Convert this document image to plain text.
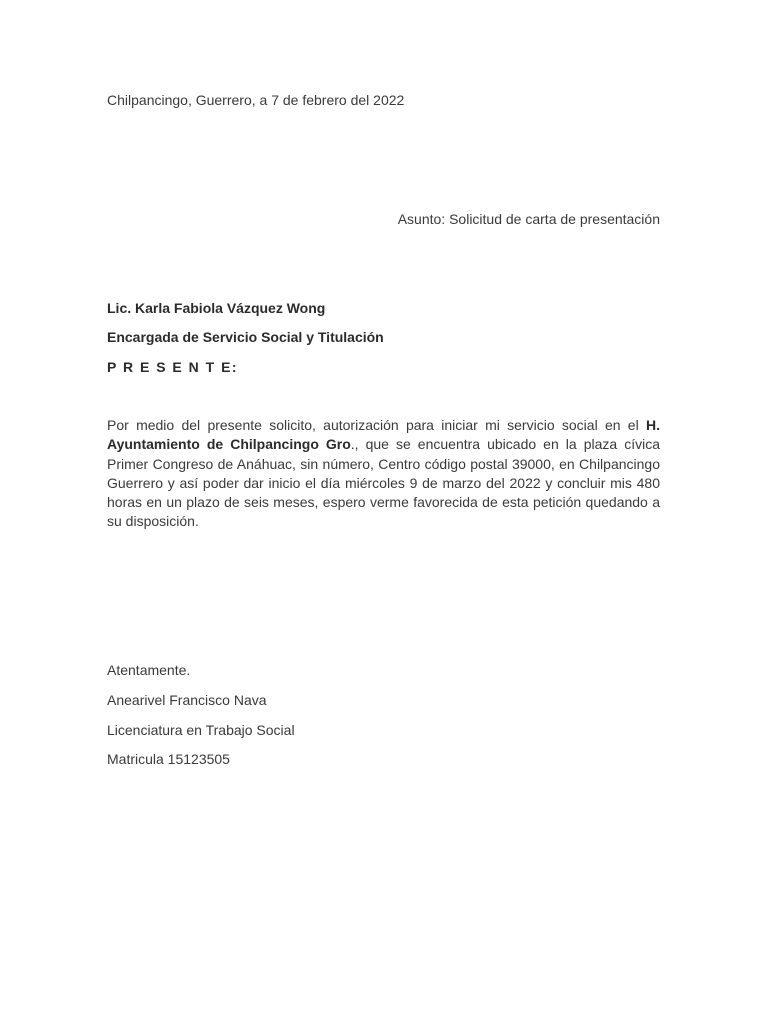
Chilpancingo, Guerrero, a 7 de febrero del 2022
Asunto: Solicitud de carta de presentación
Lic. Karla Fabiola Vázquez Wong
Encargada de Servicio Social y Titulación
P R E S E N T E:
Por medio del presente solicito, autorización para iniciar mi servicio social en el H. Ayuntamiento de Chilpancingo Gro., que se encuentra ubicado en la plaza cívica Primer Congreso de Anáhuac, sin número, Centro código postal 39000, en Chilpancingo Guerrero y así poder dar inicio el día miércoles 9 de marzo del 2022 y concluir mis 480 horas en un plazo de seis meses, espero verme favorecida de esta petición quedando a su disposición.
Atentamente.
Anearivel Francisco Nava
Licenciatura en Trabajo Social
Matricula 15123505
